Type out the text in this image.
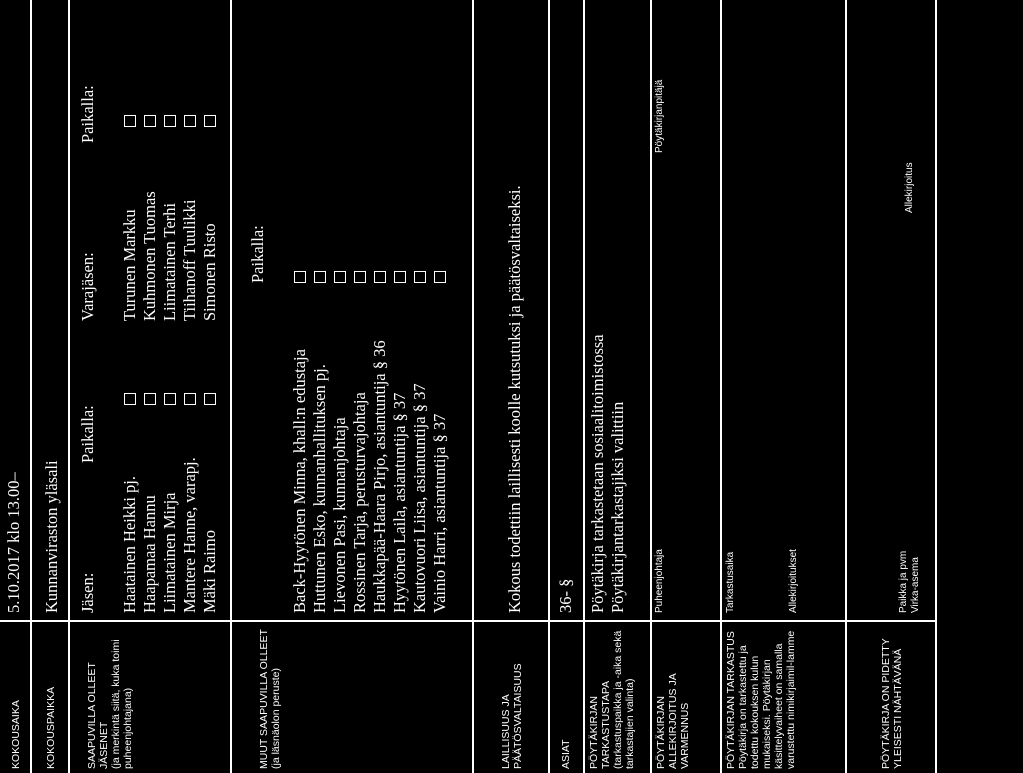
KOKOUSAIKA
5.10.2017 klo 13.00–
KOKOUSPAIKKA
Kunnanviraston yläsali
SAAPUVILLA OLLEET JÄSENET (ja merkintä siitä, kuka toimi puheenjohtajana)
Jäsen:
Paikalla:
Varajäsen:
Paikalla:
Haatainen Heikki pj. Haapamaa Hannu Liimatainen Mirja Mantere Hanne, varapj. Mäki Raimo
Turunen Markku Kuhmonen Tuomas Liimatainen Terhi Tiihanoff Tuulikki Simonen Risto
MUUT SAAPUVILLA OLLEET (ja läsnäolon peruste)
Paikalla:
Back-Hyytönen Minna, khall:n edustaja Huttunen Esko, kunnanhallituksen pj. Lievonen Pasi, kunnanjohtaja Rossinen Tarja, perusturvajohtaja Haukkapää-Haara Pirjo, asiantuntija § 36 Hyytönen Laila, asiantuntija § 37 Kautovuori Liisa, asiantuntija § 37 Vainio Harri, asiantuntija § 37
LAILLISUUS JA PÄÄTÖSVALTAISUUS
Kokous todettiin laillisesti koolle kutsutuksi ja päätösvaltaiseksi.
ASIAT
36- §
PÖYTÄKIRJAN TARKASTUSTAPA (tarkastuspaikka ja -aika sekä tarkastajien valinta)
Pöytäkirja tarkastetaan sosiaalitoimistossa Pöytäkirjantarkastajiksi valittiin
PÖYTÄKIRJAN ALLEKIRJOITUS JA VARMENNUS
Puheenjohtaja
Pöytäkirjanpitäjä
PÖYTÄKIRJAN TARKASTUS Pöytäkirja on tarkastettu ja todettu kokouksen kulun mukaiseksi. Pöytäkirjan käsittelyvaiheet on samalla varustettu nimikirjaimil-lamme
Tarkastusaika	Allekirjoitukset
PÖYTÄKIRJA ON PIDETTY YLEISESTI NÄHTÄVÄNÄ
Paikka ja pvm Virka-asema
Allekirjoitus
